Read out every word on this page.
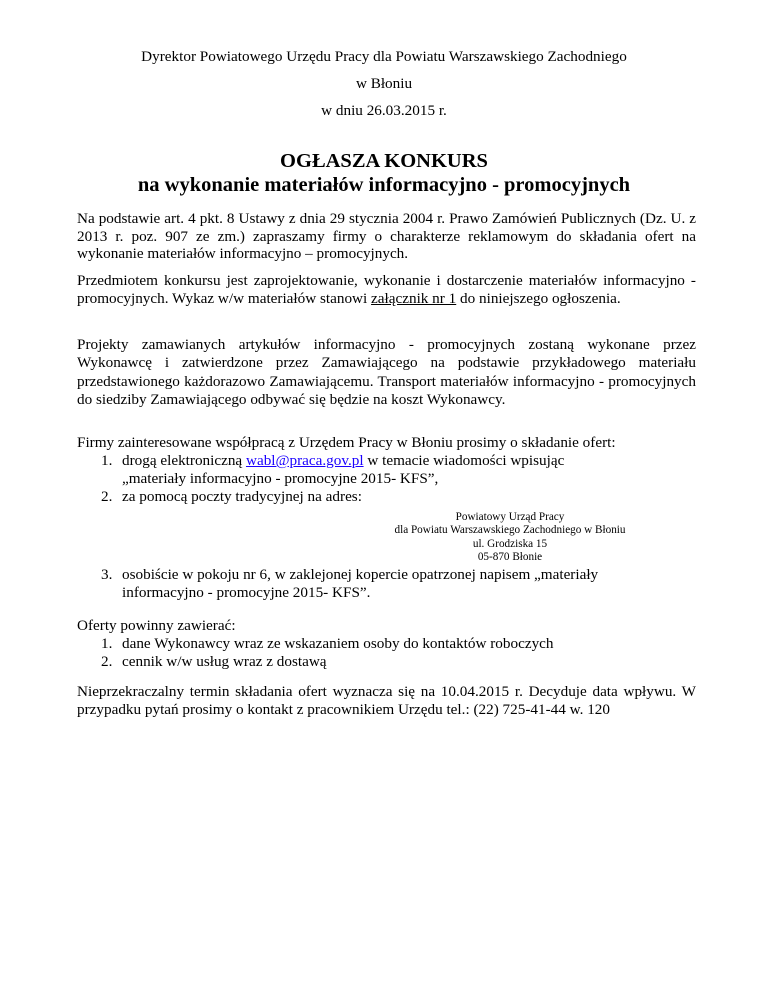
Dyrektor Powiatowego Urzędu Pracy dla Powiatu Warszawskiego Zachodniego
w Błoniu
w dniu 26.03.2015 r.
OGŁASZA KONKURS
na wykonanie materiałów informacyjno - promocyjnych
Na podstawie art. 4 pkt. 8 Ustawy z dnia 29 stycznia 2004 r. Prawo Zamówień Publicznych (Dz. U. z 2013 r. poz. 907 ze zm.) zapraszamy firmy o charakterze reklamowym do składania ofert na wykonanie materiałów informacyjno – promocyjnych.
Przedmiotem konkursu jest zaprojektowanie, wykonanie i dostarczenie materiałów informacyjno - promocyjnych. Wykaz w/w materiałów stanowi załącznik nr 1 do niniejszego ogłoszenia.
Projekty zamawianych artykułów informacyjno - promocyjnych zostaną wykonane przez Wykonawcę i zatwierdzone przez Zamawiającego na podstawie przykładowego materiału przedstawionego każdorazowo Zamawiającemu. Transport materiałów informacyjno - promocyjnych do siedziby Zamawiającego odbywać się będzie na koszt Wykonawcy.
Firmy zainteresowane współpracą z Urzędem Pracy w Błoniu prosimy o składanie ofert:
1. drogą elektroniczną wabl@praca.gov.pl w temacie wiadomości wpisując
„materiały informacyjno - promocyjne 2015- KFS”,
2. za pomocą poczty tradycyjnej na adres:
Powiatowy Urząd Pracy
dla Powiatu Warszawskiego Zachodniego w Błoniu
ul. Grodziska 15
05-870 Błonie
3. osobiście w pokoju nr 6, w zaklejonej kopercie opatrzonej napisem „materiały
informacyjno - promocyjne 2015- KFS”.
Oferty powinny zawierać:
1. dane Wykonawcy wraz ze wskazaniem osoby do kontaktów roboczych
2. cennik w/w usług wraz z dostawą
Nieprzekraczalny termin składania ofert wyznacza się na 10.04.2015 r. Decyduje data wpływu. W przypadku pytań prosimy o kontakt z pracownikiem Urzędu tel.: (22) 725-41-44 w. 120
